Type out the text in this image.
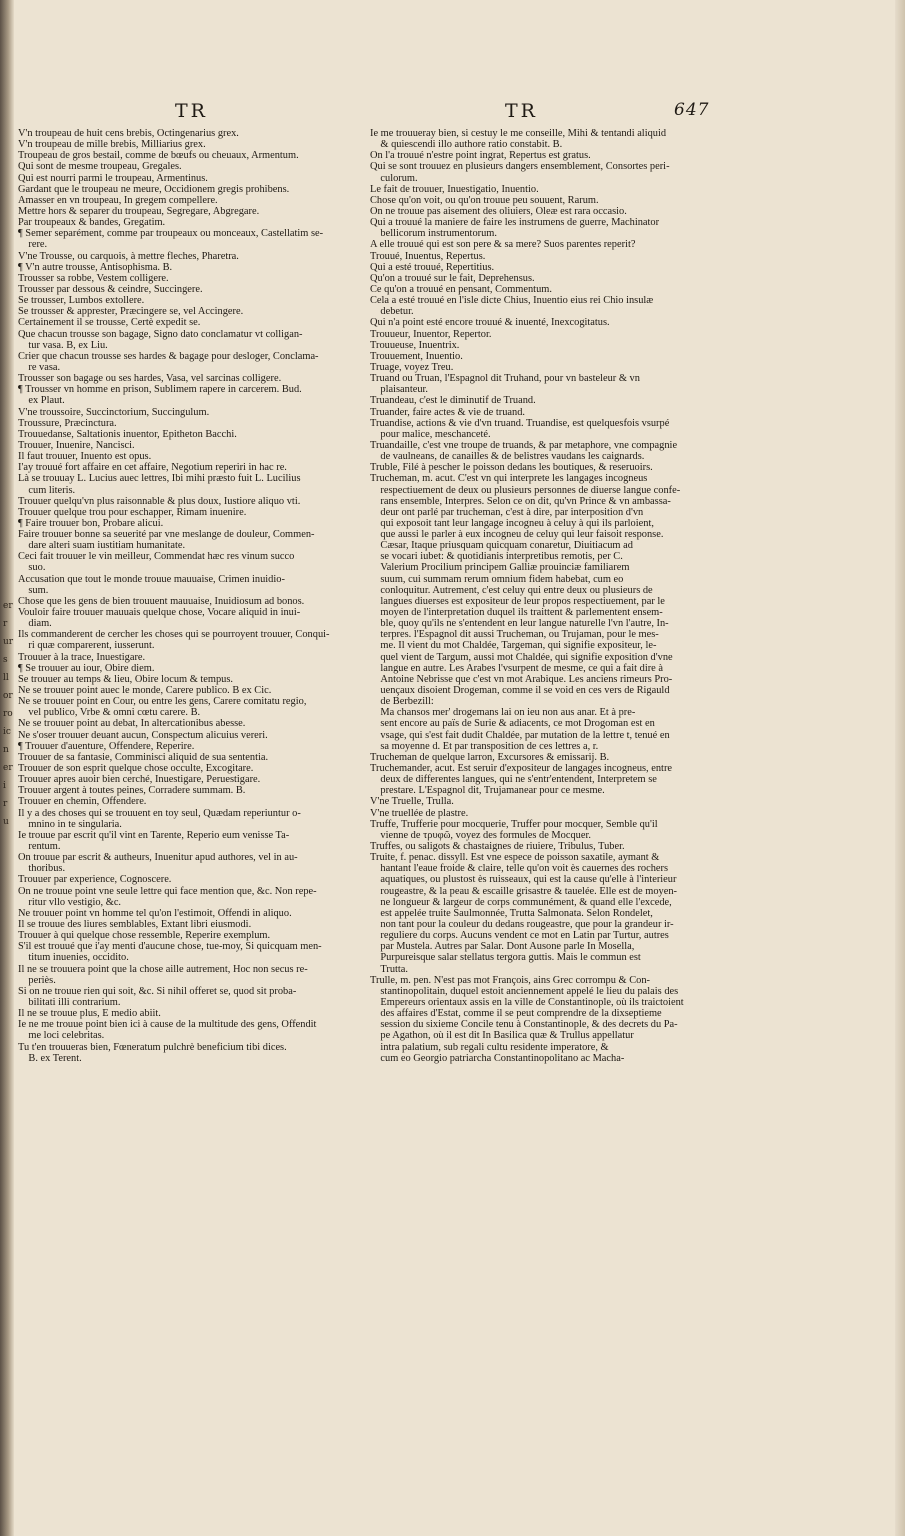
TR	TR	647
er
r
ur
s
ll
or
ro
ic
n
er
i
r
u
V'n troupeau de huit cens brebis, Octingenarius grex.
V'n troupeau de mille brebis, Milliarius grex.
Troupeau de gros bestail, comme de bœufs ou cheuaux, Armentum.
Qui sont de mesme troupeau, Gregales.
Qui est nourri parmi le troupeau, Armentinus.
Gardant que le troupeau ne meure, Occidionem gregis prohibens.
Amasser en vn troupeau, In gregem compellere.
Mettre hors & separer du troupeau, Segregare, Abgregare.
Par troupeaux & bandes, Gregatim.
¶ Semer separément, comme par troupeaux ou monceaux, Castellatim se-
 rere.
V'ne Trousse, ou carquois, à mettre fleches, Pharetra.
¶ V'n autre trousse, Antisophisma. B.
Trousser sa robbe, Vestem colligere.
Trousser par dessous & ceindre, Succingere.
Se trousser, Lumbos extollere.
Se trousser & apprester, Præcingere se, vel Accingere.
Certainement il se trousse, Certè expedit se.
Que chacun trousse son bagage, Signo dato conclamatur vt colligan-
 tur vasa. B, ex Liu.
Crier que chacun trousse ses hardes & bagage pour desloger, Conclama-
 re vasa.
Trousser son bagage ou ses hardes, Vasa, vel sarcinas colligere.
¶ Trousser vn homme en prison, Sublimem rapere in carcerem. Bud.
 ex Plaut.
V'ne troussoire, Succinctorium, Succingulum.
Troussure, Præcinctura.
Trouuedanse, Saltationis inuentor, Epitheton Bacchi.
Trouuer, Inuenire, Nancisci.
Il faut trouuer, Inuento est opus.
I'ay trouué fort affaire en cet affaire, Negotium reperiri in hac re.
Là se trouuay L. Lucius auec lettres, Ibi mihi præsto fuit L. Lucilius
 cum literis.
Trouuer quelqu'vn plus raisonnable & plus doux, Iustiore aliquo vti.
Trouuer quelque trou pour eschapper, Rimam inuenire.
¶ Faire trouuer bon, Probare alicui.
Faire trouuer bonne sa seuerité par vne meslange de douleur, Commen-
 dare alteri suam iustitiam humanitate.
Ceci fait trouuer le vin meilleur, Commendat hæc res vinum succo
 suo.
Accusation que tout le monde trouue mauuaise, Crimen inuidio-
 sum.
Chose que les gens de bien trouuent mauuaise, Inuidiosum ad bonos.
Vouloir faire trouuer mauuais quelque chose, Vocare aliquid in inui-
 diam.
Ils commanderent de cercher les choses qui se pourroyent trouuer, Conqui-
 ri quæ comparerent, iusserunt.
Trouuer à la trace, Inuestigare.
¶ Se trouuer au iour, Obire diem.
Se trouuer au temps & lieu, Obire locum & tempus.
Ne se trouuer point auec le monde, Carere publico. B ex Cic.
Ne se trouuer point en Cour, ou entre les gens, Carere comitatu regio,
 vel publico, Vrbe & omni cœtu carere. B.
Ne se trouuer point au debat, In altercationibus abesse.
Ne s'oser trouuer deuant aucun, Conspectum alicuius vereri.
¶ Trouuer d'auenture, Offendere, Reperire.
Trouuer de sa fantasie, Comminisci aliquid de sua sententia.
Trouuer de son esprit quelque chose occulte, Excogitare.
Trouuer apres auoir bien cerché, Inuestigare, Peruestigare.
Trouuer argent à toutes peines, Corradere summam. B.
Trouuer en chemin, Offendere.
Il y a des choses qui se trouuent en toy seul, Quædam reperiuntur o-
 mnino in te singularia.
Ie trouue par escrit qu'il vint en Tarente, Reperio eum venisse Ta-
 rentum.
On trouue par escrit & autheurs, Inuenitur apud authores, vel in au-
 thoribus.
Trouuer par experience, Cognoscere.
On ne trouue point vne seule lettre qui face mention que, &c. Non repe-
 ritur vllo vestigio, &c.
Ne trouuer point vn homme tel qu'on l'estimoit, Offendi in aliquo.
Il se trouue des liures semblables, Extant libri eiusmodi.
Trouuer à qui quelque chose ressemble, Reperire exemplum.
S'il est trouué que i'ay menti d'aucune chose, tue-moy, Si quicquam men-
 titum inuenies, occidito.
Il ne se trouuera point que la chose aille autrement, Hoc non secus re-
 periès.
Si on ne trouue rien qui soit, &c. Si nihil offeret se, quod sit proba-
 bilitati illi contrarium.
Il ne se trouue plus, E medio abiit.
Ie ne me trouue point bien ici à cause de la multitude des gens, Offendit
 me loci celebritas.
Tu t'en trouueras bien, Fœneratum pulchrè beneficium tibi dices.
 B. ex Terent.
Ie me trouueray bien, si cestuy le me conseille, Mihi & tentandi aliquid
 & quiescendi illo authore ratio constabit. B.
On l'a trouué n'estre point ingrat, Repertus est gratus.
Qui se sont trouuez en plusieurs dangers ensemblement, Consortes peri-
 culorum.
Le fait de trouuer, Inuestigatio, Inuentio.
Chose qu'on voit, ou qu'on trouue peu souuent, Rarum.
On ne trouue pas aisement des oliuiers, Oleæ est rara occasio.
Qui a trouué la maniere de faire les instrumens de guerre, Machinator
 bellicorum instrumentorum.
A elle trouué qui est son pere & sa mere? Suos parentes reperit?
Trouué, Inuentus, Repertus.
Qui a esté trouué, Repertitius.
Qu'on a trouué sur le fait, Deprehensus.
Ce qu'on a trouué en pensant, Commentum.
Cela a esté trouué en l'isle dicte Chius, Inuentio eius rei Chio insulæ
 debetur.
Qui n'a point esté encore trouué & inuenté, Inexcogitatus.
Trouueur, Inuentor, Repertor.
Trouueuse, Inuentrix.
Trouuement, Inuentio.
Truage, voyez Treu.
Truand ou Truan, l'Espagnol dit Truhand, pour vn basteleur & vn
 plaisanteur.
Truandeau, c'est le diminutif de Truand.
Truander, faire actes & vie de truand.
Truandise, actions & vie d'vn truand. Truandise, est quelquesfois vsurpé
 pour malice, meschanceté.
Truandaille, c'est vne troupe de truands, & par metaphore, vne compagnie
 de vaulneans, de canailles & de belistres vaudans les caignards.
Truble, Filé à pescher le poisson dedans les boutiques, & reseruoirs.
Trucheman, m. acut. C'est vn qui interprete les langages incogneus
 respectiuement de deux ou plusieurs personnes de diuerse langue confe-
 rans ensemble, Interpres. Selon ce on dit, qu'vn Prince & vn ambassa-
 deur ont parlé par trucheman, c'est à dire, par interposition d'vn
 qui exposoit tant leur langage incogneu à celuy à qui ils parloient,
 que aussi le parler à eux incogneu de celuy qui leur faisoit response.
 Cæsar, Itaque priusquam quicquam conaretur, Diuitiacum ad
 se vocari iubet: & quotidianis interpretibus remotis, per C.
 Valerium Procilium principem Galliæ prouinciæ familiarem
 suum, cui summam rerum omnium fidem habebat, cum eo
 conloquitur. Autrement, c'est celuy qui entre deux ou plusieurs de
 langues diuerses est expositeur de leur propos respectiuement, par le
 moyen de l'interpretation duquel ils traittent & parlementent ensem-
 ble, quoy qu'ils ne s'entendent en leur langue naturelle l'vn l'autre, In-
 terpres. l'Espagnol dit aussi Trucheman, ou Trujaman, pour le mes-
 me. Il vient du mot Chaldée, Targeman, qui signifie expositeur, le-
 quel vient de Targum, aussi mot Chaldée, qui signifie exposition d'vne
 langue en autre. Les Arabes l'vsurpent de mesme, ce qui a fait dire à
 Antoine Nebrisse que c'est vn mot Arabique. Les anciens rimeurs Pro-
 uençaux disoient Drogeman, comme il se void en ces vers de Rigauld
 de Berbezill:
 Ma chansos mer' drogemans lai on ieu non aus anar. Et à pre-
 sent encore au païs de Surie & adiacents, ce mot Drogoman est en
 vsage, qui s'est fait dudit Chaldée, par mutation de la lettre t, tenué en
 sa moyenne d. Et par transposition de ces lettres a, r.
Trucheman de quelque larron, Excursores & emissarij. B.
Truchemander, acut. Est seruir d'expositeur de langages incogneus, entre
 deux de differentes langues, qui ne s'entr'entendent, Interpretem se
 prestare. L'Espagnol dit, Trujamanear pour ce mesme.
V'ne Truelle, Trulla.
V'ne truellée de plastre.
Truffe, Trufferie pour mocquerie, Truffer pour mocquer, Semble qu'il
 vienne de τρυφῶ, voyez des formules de Mocquer.
Truffes, ou saligots & chastaignes de riuiere, Tribulus, Tuber.
Truite, f. penac. dissyll. Est vne espece de poisson saxatile, aymant &
 hantant l'eaue froide & claire, telle qu'on voit ès cauernes des rochers
 aquatiques, ou plustost ès ruisseaux, qui est la cause qu'elle à l'interieur
 rougeastre, & la peau & escaille grisastre & tauelée. Elle est de moyen-
 ne longueur & largeur de corps communément, & quand elle l'excede,
 est appelée truite Saulmonnée, Trutta Salmonata. Selon Rondelet,
 non tant pour la couleur du dedans rougeastre, que pour la grandeur ir-
 reguliere du corps. Aucuns vendent ce mot en Latin par Turtur, autres
 par Mustela. Autres par Salar. Dont Ausone parle In Mosella,
 Purpureisque salar stellatus tergora guttis. Mais le commun est
 Trutta.
Trulle, m. pen. N'est pas mot François, ains Grec corrompu & Con-
 stantinopolitain, duquel estoit anciennement appelé le lieu du palais des
 Empereurs orientaux assis en la ville de Constantinople, où ils traictoient
 des affaires d'Estat, comme il se peut comprendre de la dixseptieme
 session du sixieme Concile tenu à Constantinople, & des decrets du Pa-
 pe Agathon, où il est dit In Basilica quæ & Trullus appellatur
 intra palatium, sub regali cultu residente imperatore, &
 cum eo Georgio patriarcha Constantinopolitano ac Macha-
